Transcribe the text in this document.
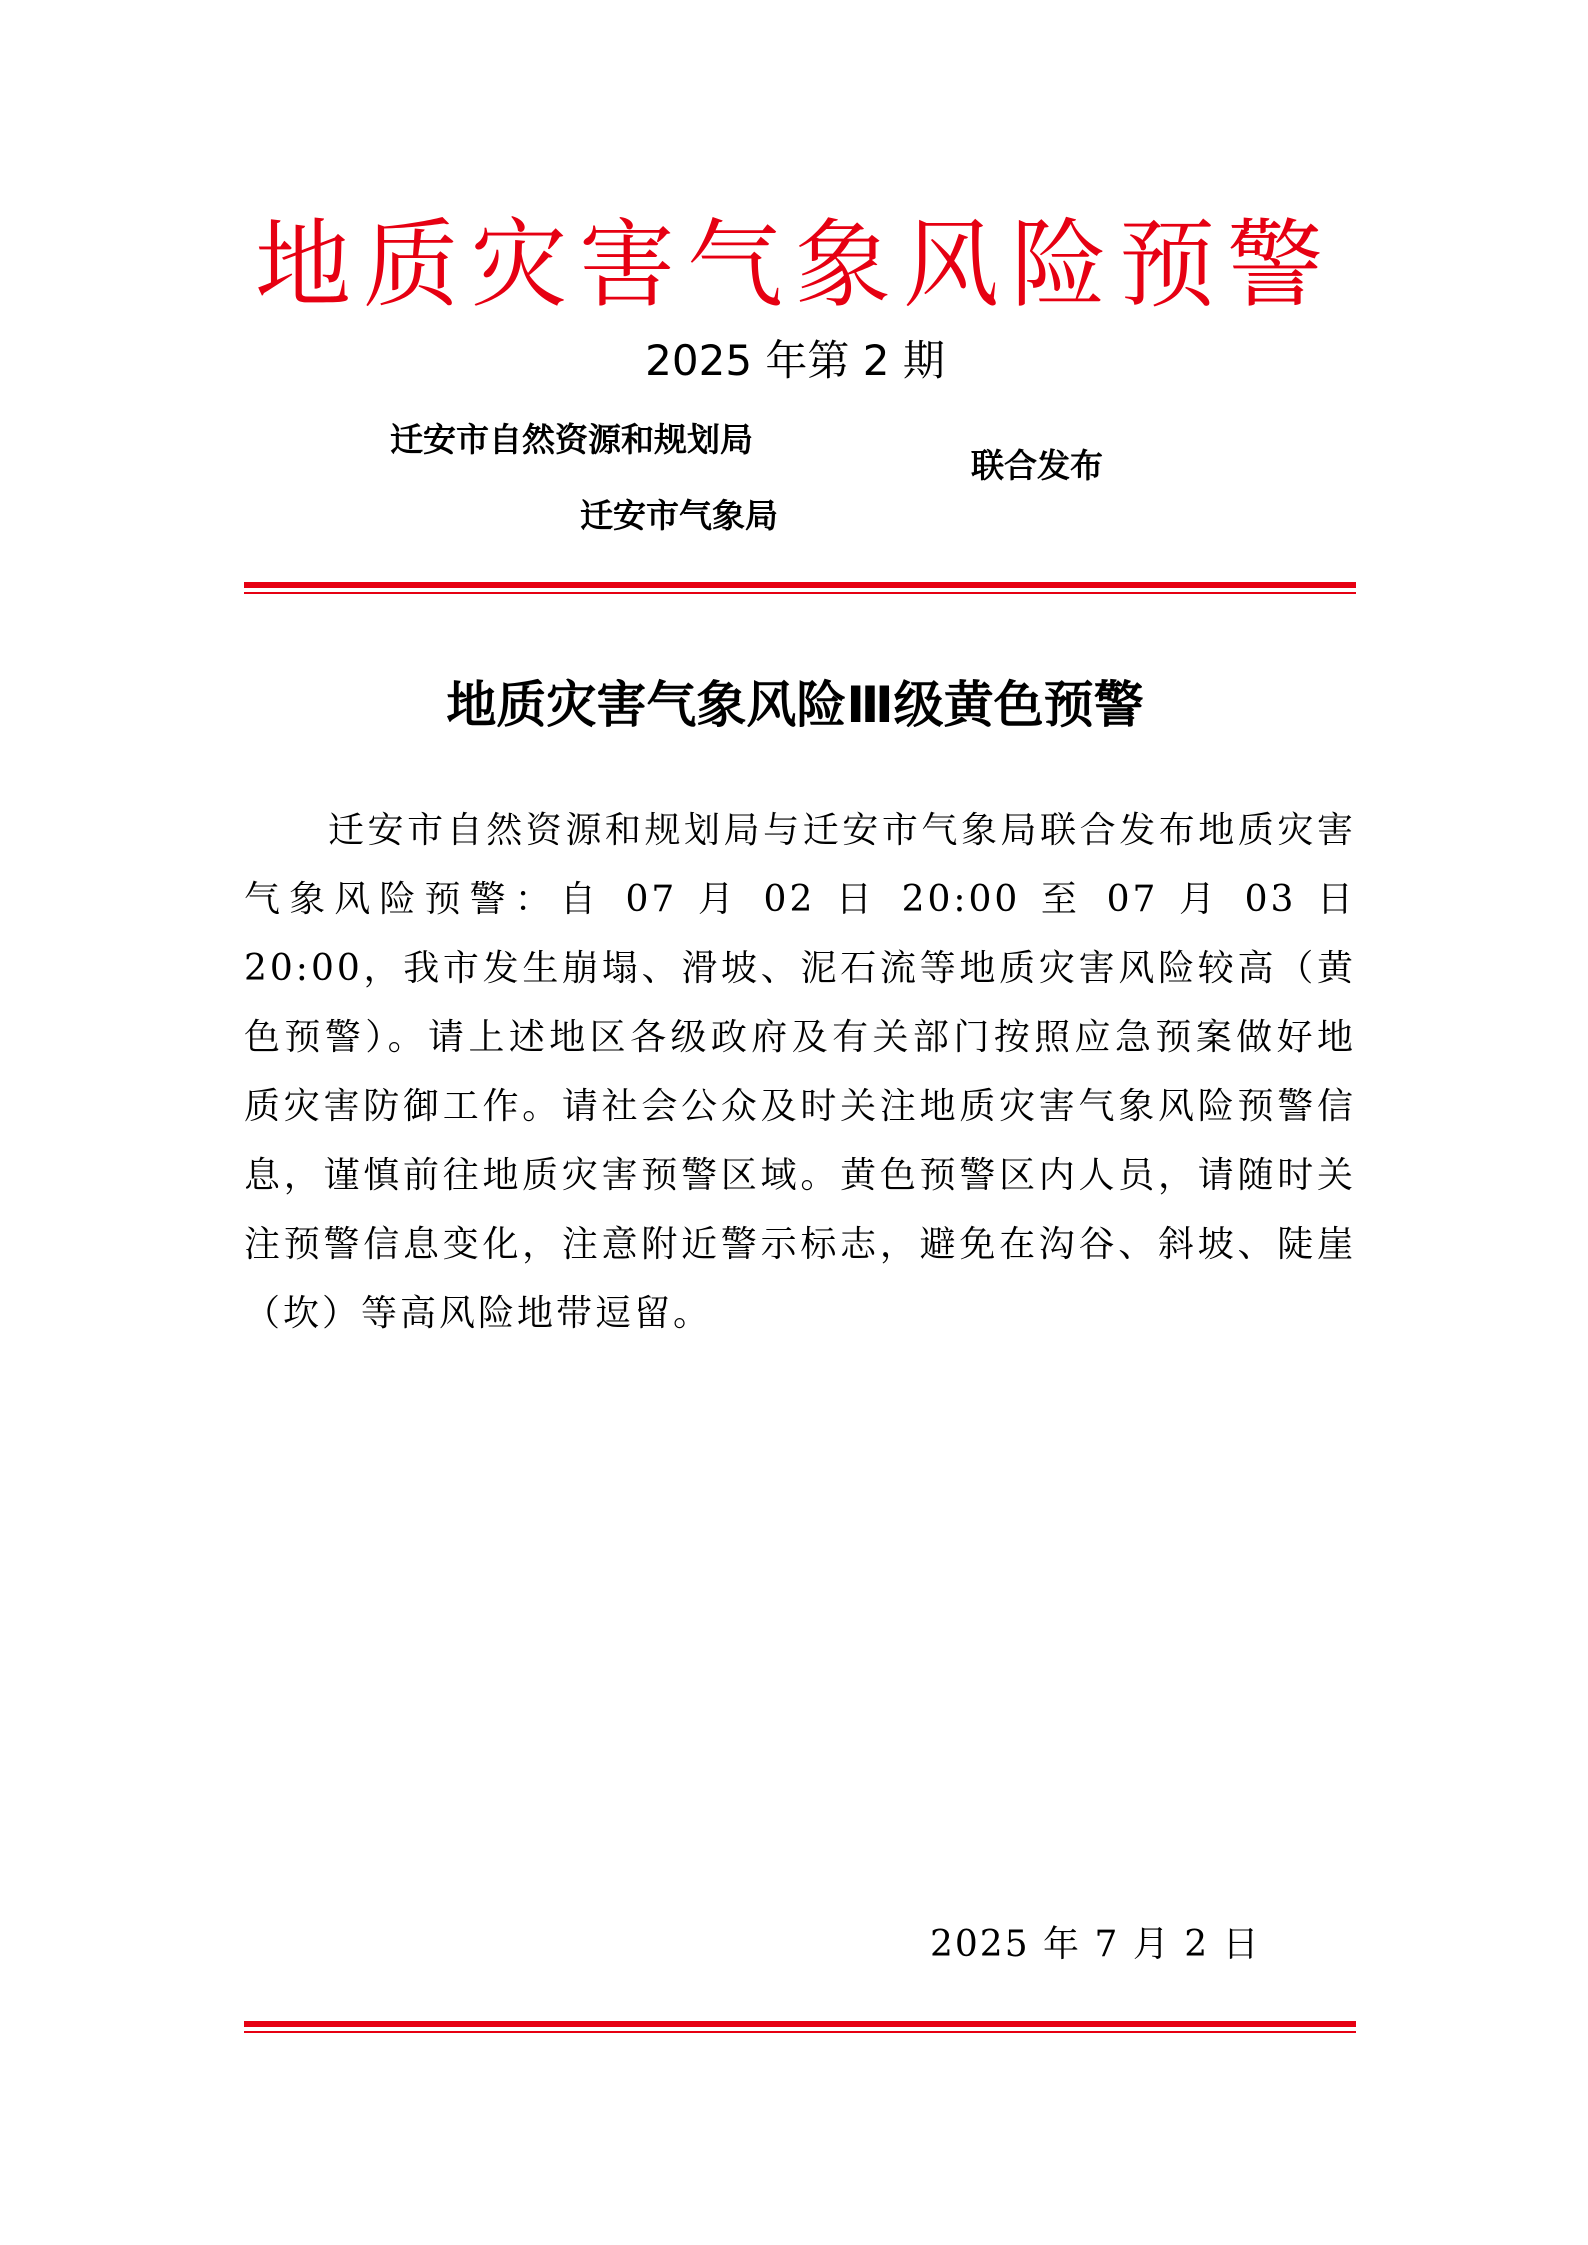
地质灾害气象风险预警
2025 年第 2 期
迁安市自然资源和规划局
迁安市气象局
联合发布
地质灾害气象风险Ⅲ级黄色预警

迁安市自然资源和规划局与迁安市气象局联合发布地质灾害气象风险预警：自 07 月 02 日 20:00 至 07 月 03 日 20:00，我市发生崩塌、滑坡、泥石流等地质灾害风险较高（黄色预警）。请上述地区各级政府及有关部门按照应急预案做好地质灾害防御工作。请社会公众及时关注地质灾害气象风险预警信息，谨慎前往地质灾害预警区域。黄色预警区内人员，请随时关注预警信息变化，注意附近警示标志，避免在沟谷、斜坡、陡崖（坎）等高风险地带逗留。

2025 年 7 月 2 日
